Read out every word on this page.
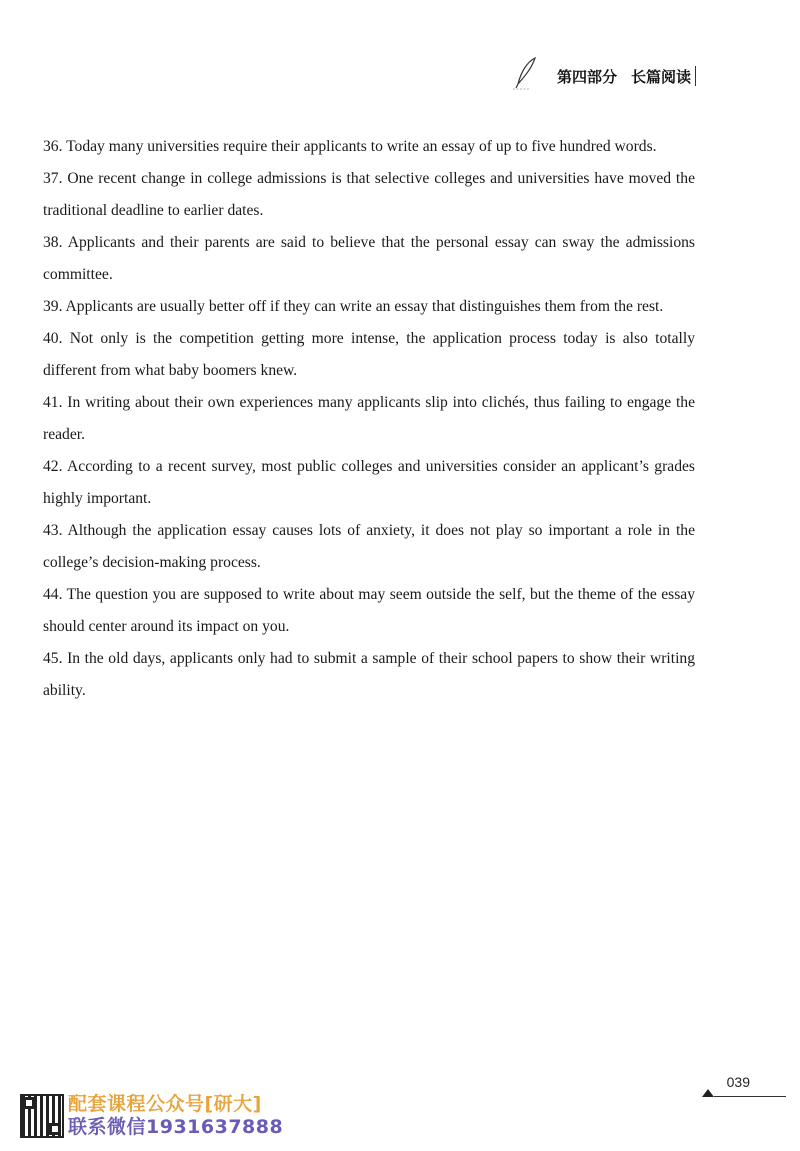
第四部分 长篇阅读
36. Today many universities require their applicants to write an essay of up to five hundred words.
37. One recent change in college admissions is that selective colleges and universities have moved the traditional deadline to earlier dates.
38. Applicants and their parents are said to believe that the personal essay can sway the admissions committee.
39. Applicants are usually better off if they can write an essay that distinguishes them from the rest.
40. Not only is the competition getting more intense, the application process today is also totally different from what baby boomers knew.
41. In writing about their own experiences many applicants slip into clichés, thus failing to engage the reader.
42. According to a recent survey, most public colleges and universities consider an applicant’s grades highly important.
43. Although the application essay causes lots of anxiety, it does not play so important a role in the college’s decision-making process.
44. The question you are supposed to write about may seem outside the self, but the theme of the essay should center around its impact on you.
45. In the old days, applicants only had to submit a sample of their school papers to show their writing ability.
配套课程公众号[研大]
联系微信1931637888
039
